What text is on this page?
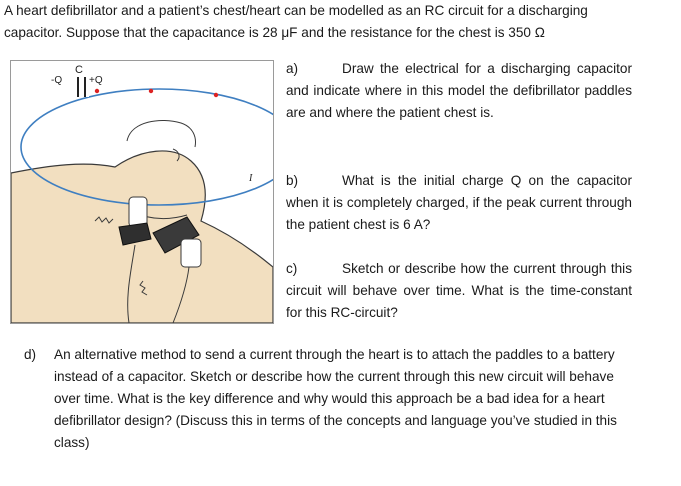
A heart defibrillator and a patient’s chest/heart can be modelled as an RC circuit for a discharging
capacitor. Suppose that the capacitance is 28 μF and the resistance for the chest is 350 Ω
C
-Q	+Q
I
a)	Draw the electrical for a discharging capacitor and indicate where in this model the defibrillator paddles are and where the patient chest is.
b)	What is the initial charge Q on the capacitor when it is completely charged, if the peak current through the patient chest is 6 A?
c)	Sketch or describe how the current through this circuit will behave over time. What is the time-constant for this RC-circuit?
d) An alternative method to send a current through the heart is to attach the paddles to a battery instead of a capacitor. Sketch or describe how the current through this new circuit will behave over time. What is the key difference and why would this approach be a bad idea for a heart defibrillator design? (Discuss this in terms of the concepts and language you’ve studied in this class)
